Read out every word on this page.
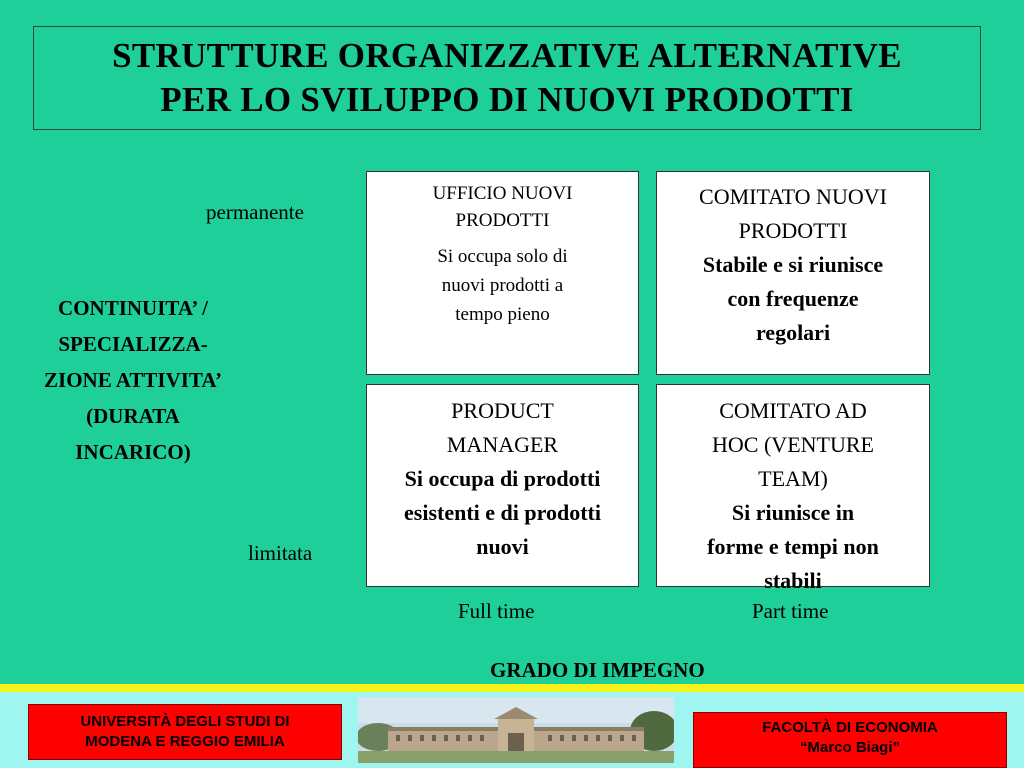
STRUTTURE ORGANIZZATIVE ALTERNATIVE
PER LO SVILUPPO DI NUOVI PRODOTTI
permanente
limitata
CONTINUITA’ /
SPECIALIZZA-
ZIONE ATTIVITA’
(DURATA
INCARICO)
UFFICIO NUOVI
PRODOTTI
Si occupa solo di
nuovi prodotti a
tempo pieno
COMITATO NUOVI
PRODOTTI
Stabile e si riunisce
con frequenze
regolari
PRODUCT
MANAGER
Si occupa di prodotti
esistenti e di prodotti
nuovi
COMITATO AD
HOC (VENTURE
TEAM)
Si riunisce in
forme e tempi non
stabili
Full time	Part time
GRADO DI IMPEGNO
UNIVERSITÀ DEGLI STUDI DI
MODENA E REGGIO EMILIA
FACOLTÀ DI ECONOMIA
“Marco Biagi”
